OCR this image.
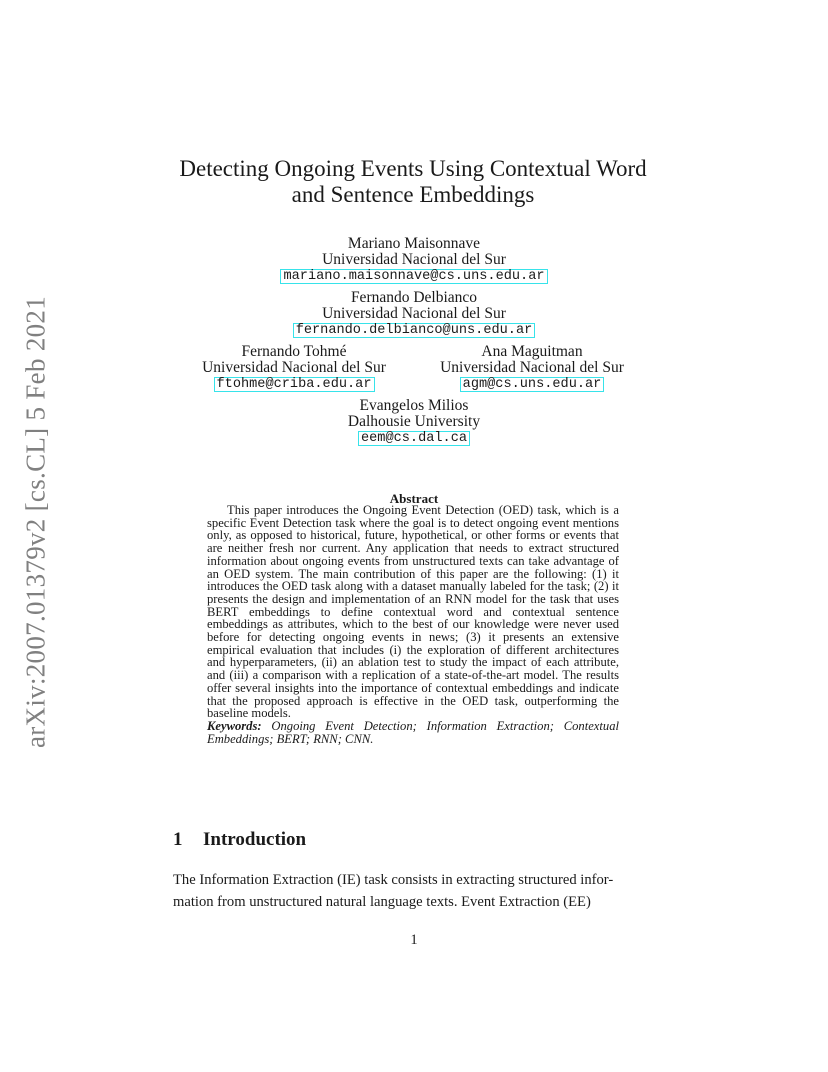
arXiv:2007.01379v2 [cs.CL] 5 Feb 2021
Detecting Ongoing Events Using Contextual Word
and Sentence Embeddings
Mariano Maisonnave
Universidad Nacional del Sur
mariano.maisonnave@cs.uns.edu.ar
Fernando Delbianco
Universidad Nacional del Sur
fernando.delbianco@uns.edu.ar
Fernando Tohmé
Universidad Nacional del Sur
ftohme@criba.edu.ar
Ana Maguitman
Universidad Nacional del Sur
agm@cs.uns.edu.ar
Evangelos Milios
Dalhousie University
eem@cs.dal.ca
Abstract

This paper introduces the Ongoing Event Detection (OED) task, which is a specific Event Detection task where the goal is to detect ongoing event mentions only, as opposed to historical, future, hypothetical, or other forms or events that are neither fresh nor current. Any application that needs to extract structured information about ongoing events from unstructured texts can take advantage of an OED system. The main contribution of this paper are the following: (1) it introduces the OED task along with a dataset manually labeled for the task; (2) it presents the design and implementation of an RNN model for the task that uses BERT embeddings to define contextual word and contextual sentence embeddings as attributes, which to the best of our knowledge were never used before for detecting ongoing events in news; (3) it presents an extensive empirical evaluation that includes (i) the exploration of different architectures and hyperparameters, (ii) an ablation test to study the impact of each attribute, and (iii) a comparison with a replication of a state-of-the-art model. The results offer several insights into the importance of contextual embeddings and indicate that the proposed approach is effective in the OED task, outperforming the baseline models.

Keywords: Ongoing Event Detection; Information Extraction; Contextual Embeddings; BERT; RNN; CNN.

1 Introduction
The Information Extraction (IE) task consists in extracting structured infor-
mation from unstructured natural language texts. Event Extraction (EE)
1
